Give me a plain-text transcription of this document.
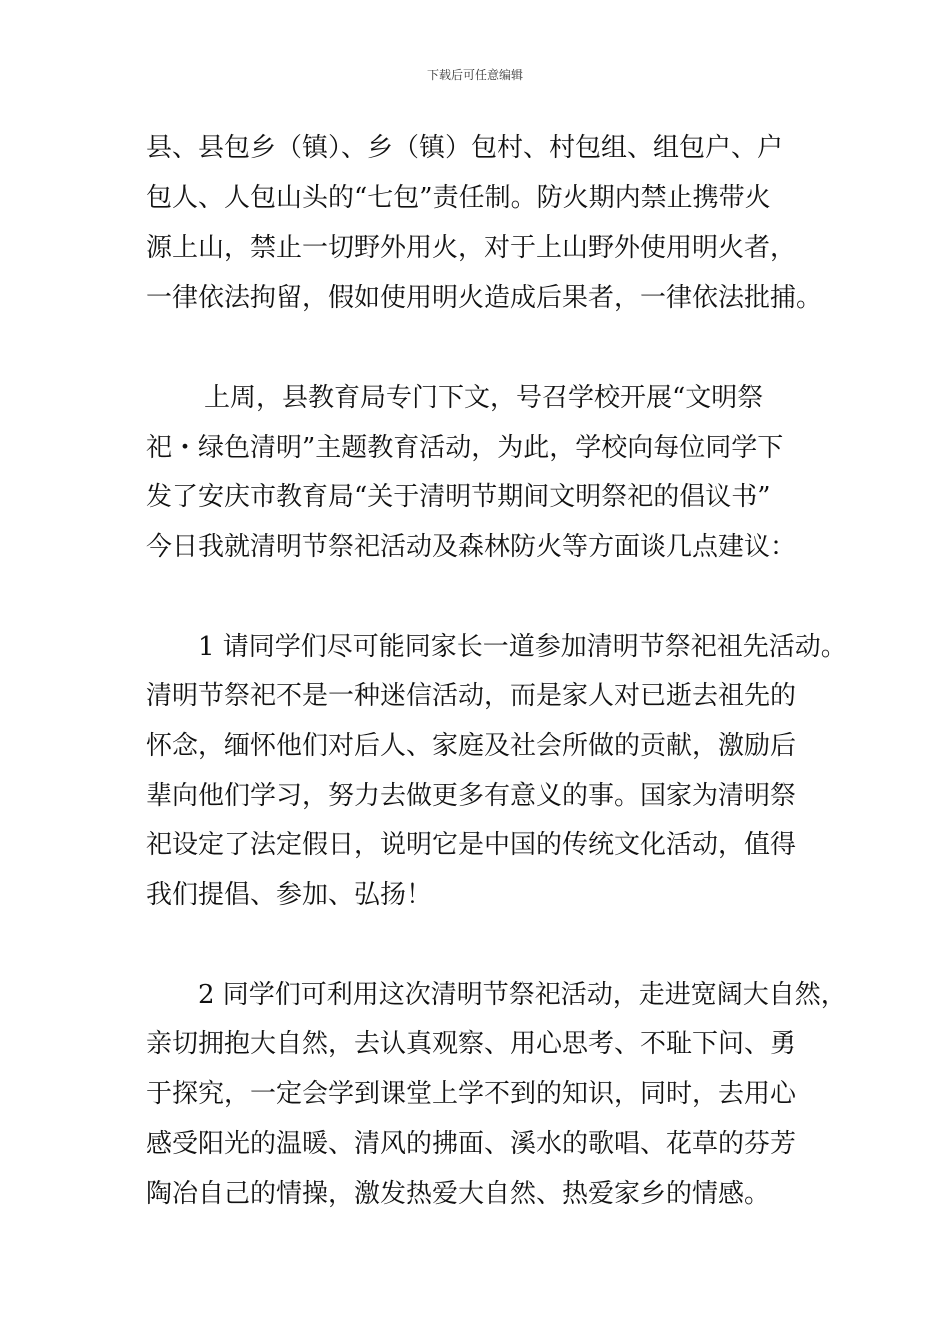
下载后可任意编辑
县、县包乡（镇）、乡（镇）包村、村包组、组包户、户
包人、人包山头的“七包”责任制。防火期内禁止携带火
源上山，禁止一切野外用火，对于上山野外使用明火者，
一律依法拘留，假如使用明火造成后果者，一律依法批捕。
上周，县教育局专门下文，号召学校开展“文明祭
祀・绿色清明”主题教育活动，为此，学校向每位同学下
发了安庆市教育局“关于清明节期间文明祭祀的倡议书”
今日我就清明节祭祀活动及森林防火等方面谈几点建议：
1 请同学们尽可能同家长一道参加清明节祭祀祖先活动。
清明节祭祀不是一种迷信活动，而是家人对已逝去祖先的
怀念，缅怀他们对后人、家庭及社会所做的贡献，激励后
辈向他们学习，努力去做更多有意义的事。国家为清明祭
祀设定了法定假日，说明它是中国的传统文化活动，值得
我们提倡、参加、弘扬！
2 同学们可利用这次清明节祭祀活动，走进宽阔大自然，
亲切拥抱大自然，去认真观察、用心思考、不耻下问、勇
于探究，一定会学到课堂上学不到的知识，同时，去用心
感受阳光的温暖、清风的拂面、溪水的歌唱、花草的芬芳
陶冶自己的情操，激发热爱大自然、热爱家乡的情感。
